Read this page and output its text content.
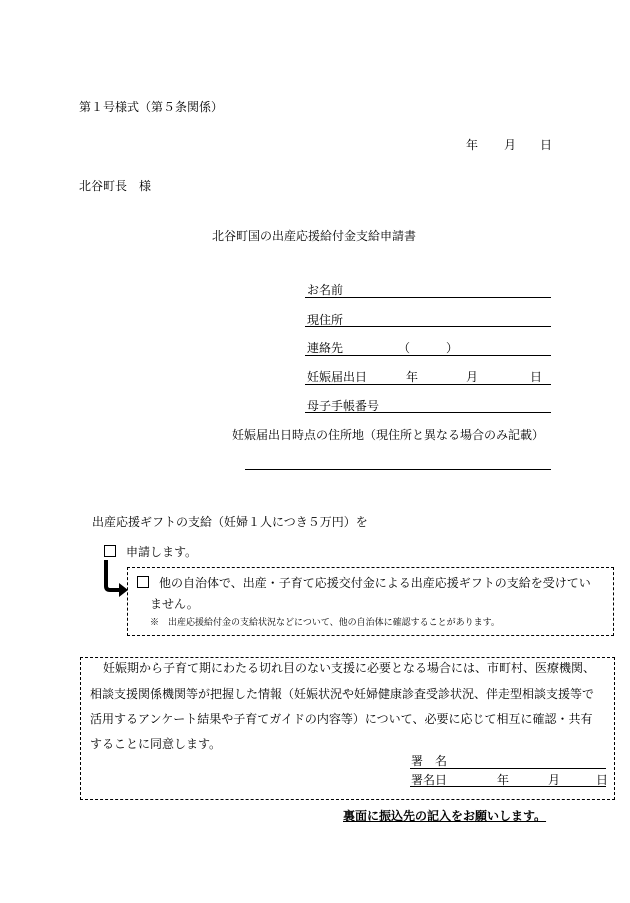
第１号様式（第５条関係）
年 月 日
北谷町長　様
北谷町国の出産応援給付金支給申請書
お名前
現住所
連絡先	（　　　）
妊娠届出日	年	月	日
母子手帳番号
妊娠届出日時点の住所地（現住所と異なる場合のみ記載）
出産応援ギフトの支給（妊婦１人につき５万円）を
申請します。
他の自治体で、出産・子育て応援交付金による出産応援ギフトの支給を受けてい
ません。
※　出産応援給付金の支給状況などについて、他の自治体に確認することがあります。
妊娠期から子育て期にわたる切れ目のない支援に必要となる場合には、市町村、医療機関、
相談支援関係機関等が把握した情報（妊娠状況や妊婦健康診査受診状況、伴走型相談支援等で
活用するアンケート結果や子育てガイドの内容等）について、必要に応じて相互に確認・共有
することに同意します。
署　名
署名日	年	月	日
裏面に振込先の記入をお願いします。
